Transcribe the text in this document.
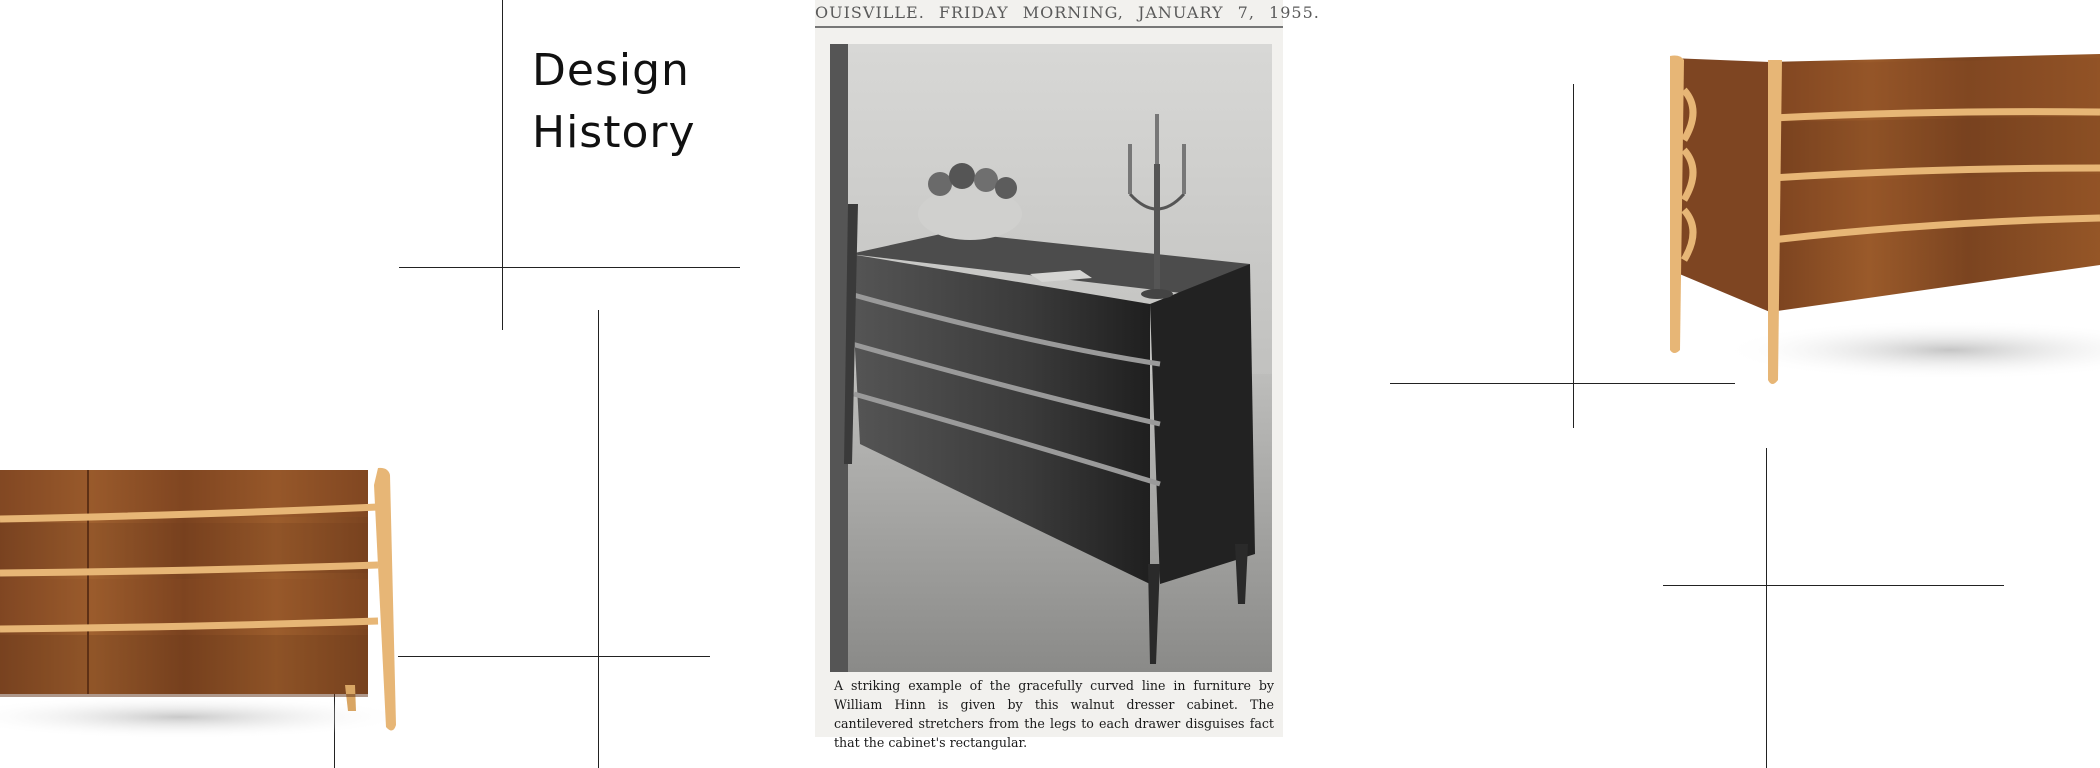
Design
History
OUISVILLE. FRIDAY MORNING, JANUARY 7, 1955.
A striking example of the gracefully curved line in furniture by William Hinn is given by this walnut dresser cabinet. The cantilevered stretchers from the legs to each drawer disguises fact that the cabinet's rectangular.
